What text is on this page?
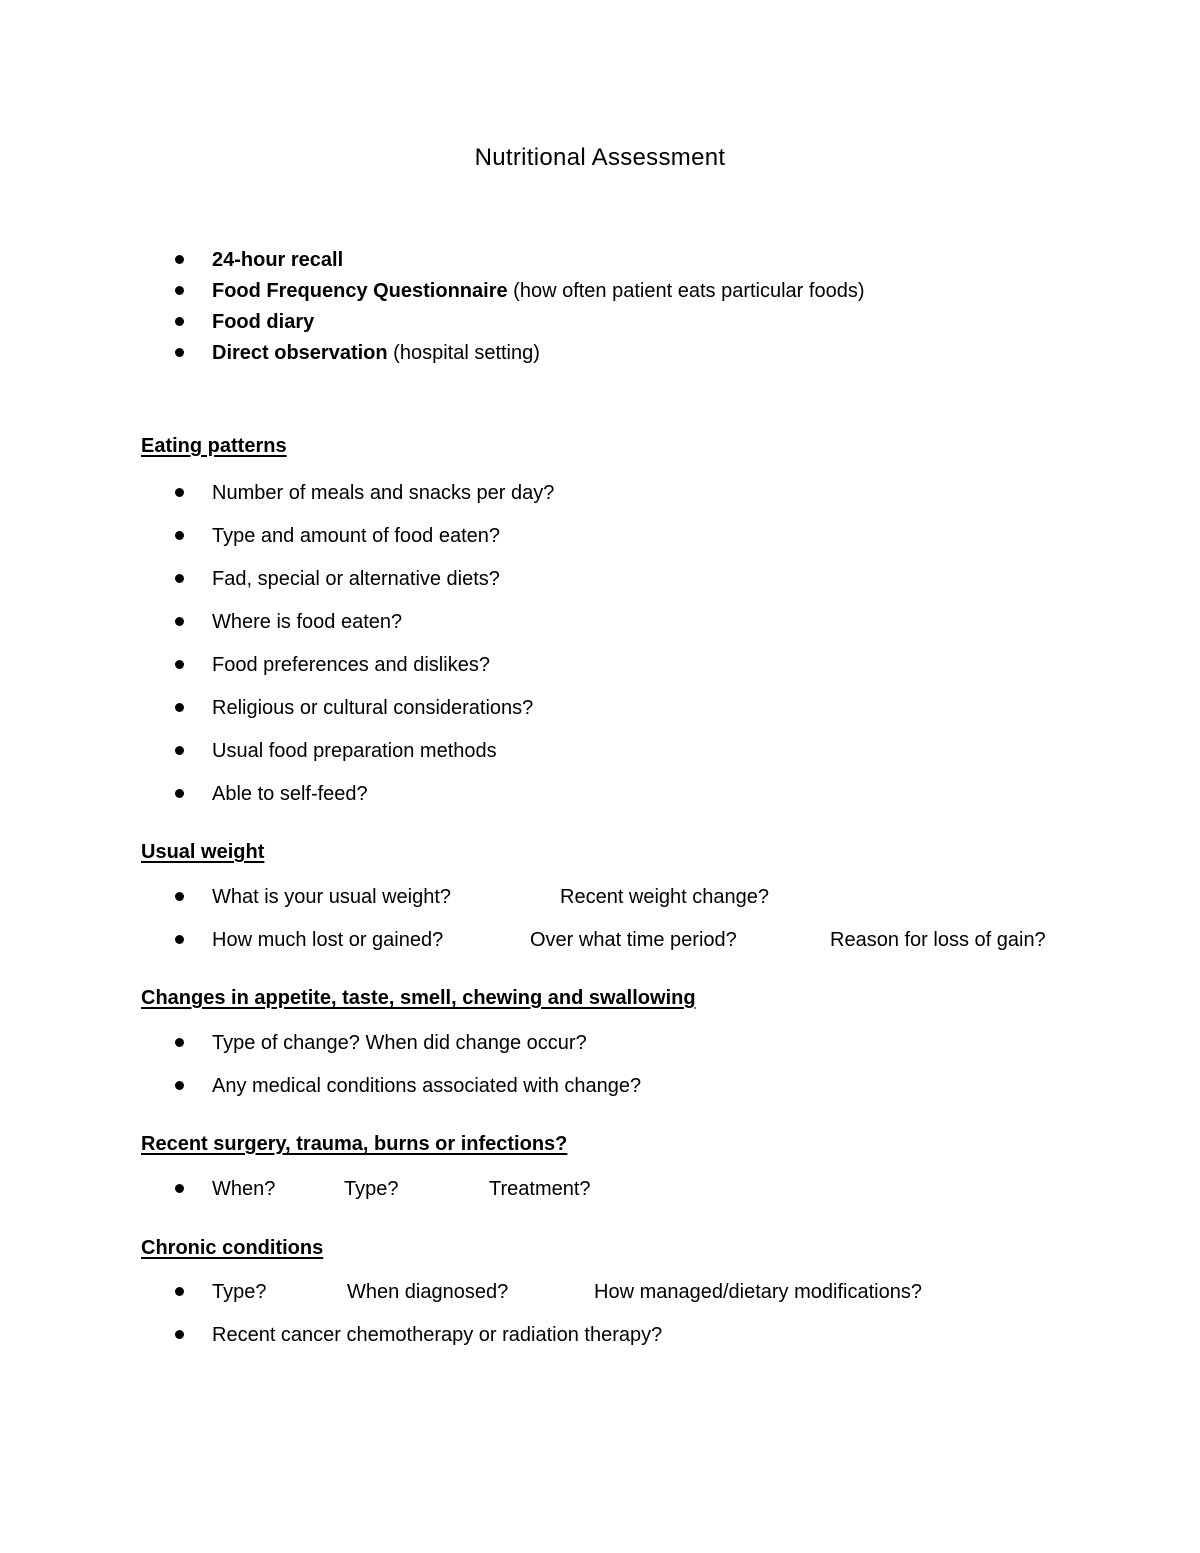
Nutritional Assessment
24-hour recall
Food Frequency Questionnaire (how often patient eats particular foods)
Food diary
Direct observation (hospital setting)
Eating patterns
Number of meals and snacks per day?
Type and amount of food eaten?
Fad, special or alternative diets?
Where is food eaten?
Food preferences and dislikes?
Religious or cultural considerations?
Usual food preparation methods
Able to self-feed?
Usual weight
What is your usual weight?	Recent weight change?
How much lost or gained?	Over what time period?	Reason for loss of gain?
Changes in appetite, taste, smell, chewing and swallowing
Type of change? When did change occur?
Any medical conditions associated with change?
Recent surgery, trauma, burns or infections?
When?	Type?	Treatment?
Chronic conditions
Type?	When diagnosed?	How managed/dietary modifications?
Recent cancer chemotherapy or radiation therapy?
